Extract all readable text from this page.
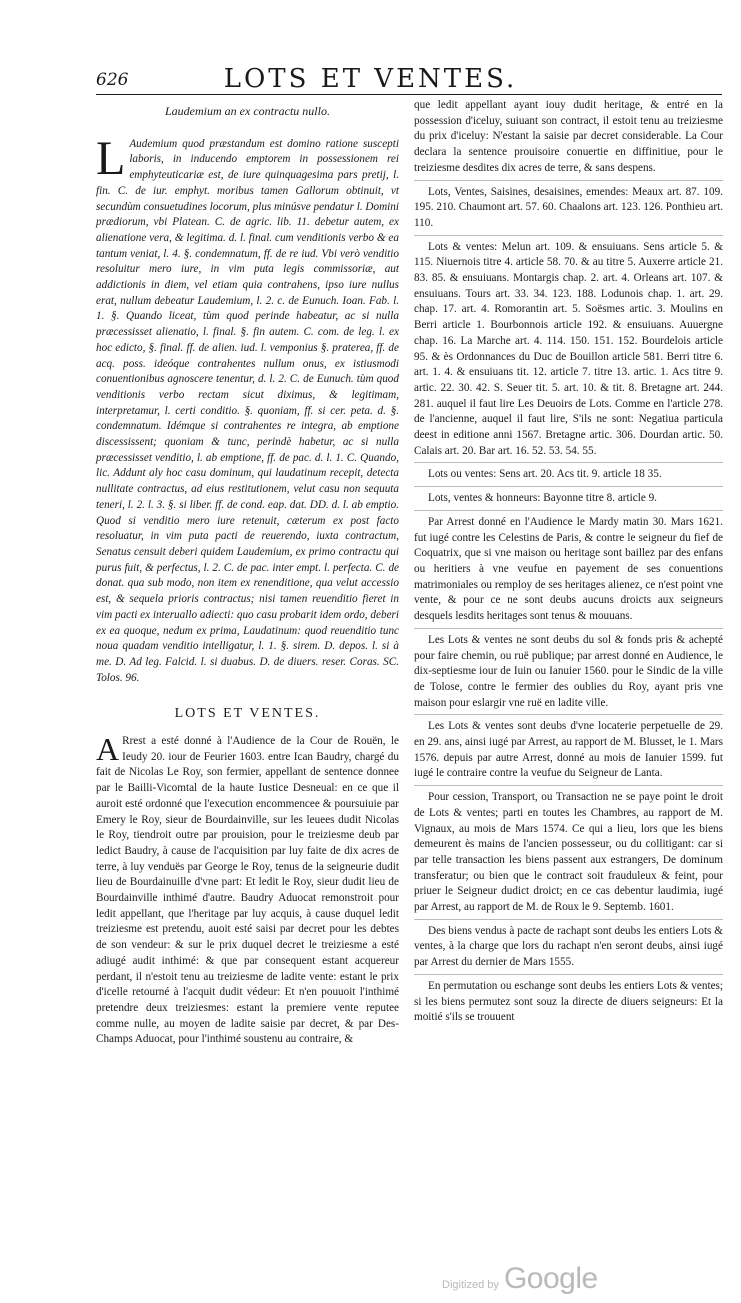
626	LOTS ET VENTES.
Laudemium an ex contractu nullo.

L Audemium quod præstandum est domino ratione suscepti laboris, in inducendo emptorem in possessionem rei emphyteuticariæ est, de iure quinquagesima pars pretij, l. fin. C. de iur. emphyt. moribus tamen Gallorum obtinuit, vt secundùm consuetudines locorum, plus minúsve pendatur l. Domini prædiorum, vbi Platean. C. de agric. lib. 11. debetur autem, ex alienatione vera, & legitima. d. l. final. cum venditionis verbo & ea tantum veniat, l. 4. §. condemnatum, ff. de re iud. Vbi verò venditio resoluitur mero iure, in vim puta legis commissoriæ, aut addictionis in diem, vel etiam quia contrahens, ipso iure nullus erat, nullum debeatur Laudemium, l. 2. c. de Eunuch. Ioan. Fab. l. 1. §. Quando liceat, tùm quod perinde habeatur, ac si nulla præcessisset alienatio, l. final. §. fin autem. C. com. de leg. l. ex hoc edicto, §. final. ff. de alien. iud. l. vemponius §. praterea, ff. de acq. poss. ideóque contrahentes nullum onus, ex istiusmodi conuentionibus agnoscere tenentur, d. l. 2. C. de Eunuch. tùm quod venditionis verbo rectam sicut diximus, & legitimam, interpretamur, l. certi conditio. §. quoniam, ff. si cer. peta. d. §. condemnatum. Idémque si contrahentes re integra, ab emptione discessissent; quoniam & tunc, perindè habetur, ac si nulla præcessisset venditio, l. ab emptione, ff. de pac. d. l. 1. C. Quando, lic. Addunt aly hoc casu dominum, qui laudatinum recepit, detecta nullitate contractus, ad eius restitutionem, velut casu non sequuta teneri, l. 2. l. 3. §. si liber. ff. de cond. eap. dat. DD. d. l. ab emptio. Quod si venditio mero iure retenuit, cæterum ex post facto resoluatur, in vim puta pacti de reuerendo, iuxta contractum, Senatus censuit deberi quidem Laudemium, ex primo contractu qui purus fuit, & perfectus, l. 2. C. de pac. inter empt. l. perfecta. C. de donat. qua sub modo, non item ex renenditione, qua velut accessio est, & sequela prioris contractus; nisi tamen reuenditio fieret in vim pacti ex interuallo adiecti: quo casu probarit idem ordo, deberi ex ea quoque, nedum ex prima, Laudatinum: quod reuenditio tunc noua quadam venditio intelligatur, l. 1. §. sirem. D. depos. l. si à me. D. Ad leg. Falcid. l. si duabus. D. de diuers. reser. Coras. SC. Tolos. 96.

LOTS ET VENTES.

A Rrest a esté donné à l'Audience de la Cour de Rouën, le Ieudy 20. iour de Feurier 1603. entre Ican Baudry, chargé du fait de Nicolas Le Roy, son fermier, appellant de sentence donnee par le Bailli-Vicomtal de la haute Iustice Desneual: en ce que il auroit esté ordonné que l'execution encommencee & poursuiuie par Emery le Roy, sieur de Bourdainville, sur les leuees dudit Nicolas le Roy, tiendroit outre par prouision, pour le treiziesme deub par ledict Baudry, à cause de l'acquisition par luy faite de dix acres de terre, à luy venduës par George le Roy, tenus de la seigneurie dudit lieu de Bourdainuille d'vne part: Et ledit le Roy, sieur dudit lieu de Bourdainville inthimé d'autre. Baudry Aduocat remonstroit pour ledit appellant, que l'heritage par luy acquis, à cause duquel ledit treiziesme est pretendu, auoit esté saisi par decret pour les debtes de son vendeur: & sur le prix duquel decret le treiziesme a esté adiugé audit inthimé: & que par consequent estant acquereur perdant, il n'estoit tenu au treiziesme de ladite vente: estant le prix d'icelle retourné à l'acquit dudit védeur: Et n'en pouuoit l'inthimé pretendre deux treiziesmes: estant la premiere vente reputee comme nulle, au moyen de ladite saisie par decret, & par Des-Champs Aduocat, pour l'inthimé soustenu au contraire, &

que ledit appellant ayant iouy dudit heritage, & entré en la possession d'iceluy, suiuant son contract, il estoit tenu au treiziesme du prix d'iceluy: N'estant la saisie par decret considerable. La Cour declara la sentence prouisoire conuertie en diffinitiue, pour le treiziesme desdites dix acres de terre, & sans despens.

Lots, Ventes, Saisines, desaisines, emendes: Meaux art. 87. 109. 195. 210. Chaumont art. 57. 60. Chaalons art. 123. 126. Ponthieu art. 110.

Lots & ventes: Melun art. 109. & ensuiuans. Sens article 5. & 115. Niuernois titre 4. article 58. 70. & au titre 5. Auxerre article 21. 83. 85. & ensuiuans. Montargis chap. 2. art. 4. Orleans art. 107. & ensuiuans. Tours art. 33. 34. 123. 188. Lodunois chap. 1. art. 29. chap. 17. art. 4. Romorantin art. 5. Soësmes artic. 3. Moulins en Berri article 1. Bourbonnois article 192. & ensuiuans. Auuergne chap. 16. La Marche art. 4. 114. 150. 151. 152. Bourdelois article 95. & ès Ordonnances du Duc de Bouillon article 581. Berri titre 6. art. 1. 4. & ensuiuans tit. 12. article 7. titre 13. artic. 1. Acs titre 9. artic. 22. 30. 42. S. Seuer tit. 5. art. 10. & tit. 8. Bretagne art. 244. 281. auquel il faut lire Les Deuoirs de Lots. Comme en l'article 278. de l'ancienne, auquel il faut lire, S'ils ne sont: Negatiua particula deest in editione anni 1567. Bretagne artic. 306. Dourdan artic. 50. Calais art. 20. Bar art. 16. 52. 53. 54. 55.

Lots ou ventes: Sens art. 20. Acs tit. 9. article 18 35.

Lots, ventes & honneurs: Bayonne titre 8. article 9.

Par Arrest donné en l'Audience le Mardy matin 30. Mars 1621. fut iugé contre les Celestins de Paris, & contre le seigneur du fief de Coquatrix, que si vne maison ou heritage sont baillez par des enfans ou heritiers à vne veufue en payement de ses conuentions matrimoniales ou remploy de ses heritages alienez, ce n'est point vne vente, & pour ce ne sont deubs aucuns droicts aux seigneurs desquels lesdits heritages sont tenus & mouuans.

Les Lots & ventes ne sont deubs du sol & fonds pris & achepté pour faire chemin, ou ruë publique; par arrest donné en Audience, le dix-septiesme iour de Iuin ou Ianuier 1560. pour le Sindic de la ville de Tolose, contre le fermier des oublies du Roy, ayant pris vne maison pour eslargir vne ruë en ladite ville.

Les Lots & ventes sont deubs d'vne locaterie perpetuelle de 29. en 29. ans, ainsi iugé par Arrest, au rapport de M. Blusset, le 1. Mars 1576. depuis par autre Arrest, donné au mois de Ianuier 1599. fut iugé le contraire contre la veufue du Seigneur de Lanta.

Pour cession, Transport, ou Transaction ne se paye point le droit de Lots & ventes; parti en toutes les Chambres, au rapport de M. Vignaux, au mois de Mars 1574. Ce qui a lieu, lors que les biens demeurent ès mains de l'ancien possesseur, ou du collitigant: car si par telle transaction les biens passent aux estrangers, De dominum transferatur; ou bien que le contract soit frauduleux & feint, pour priuer le Seigneur dudict droict; en ce cas debentur laudimia, iugé par Arrest, au rapport de M. de Roux le 9. Septemb. 1601.

Des biens vendus à pacte de rachapt sont deubs les entiers Lots & ventes, à la charge que lors du rachapt n'en seront deubs, ainsi iugé par Arrest du dernier de Mars 1555.

En permutation ou eschange sont deubs les entiers Lots & ventes; si les biens permutez sont souz la directe de diuers seigneurs: Et la moitié s'ils se trouuent

Digitized by Google
